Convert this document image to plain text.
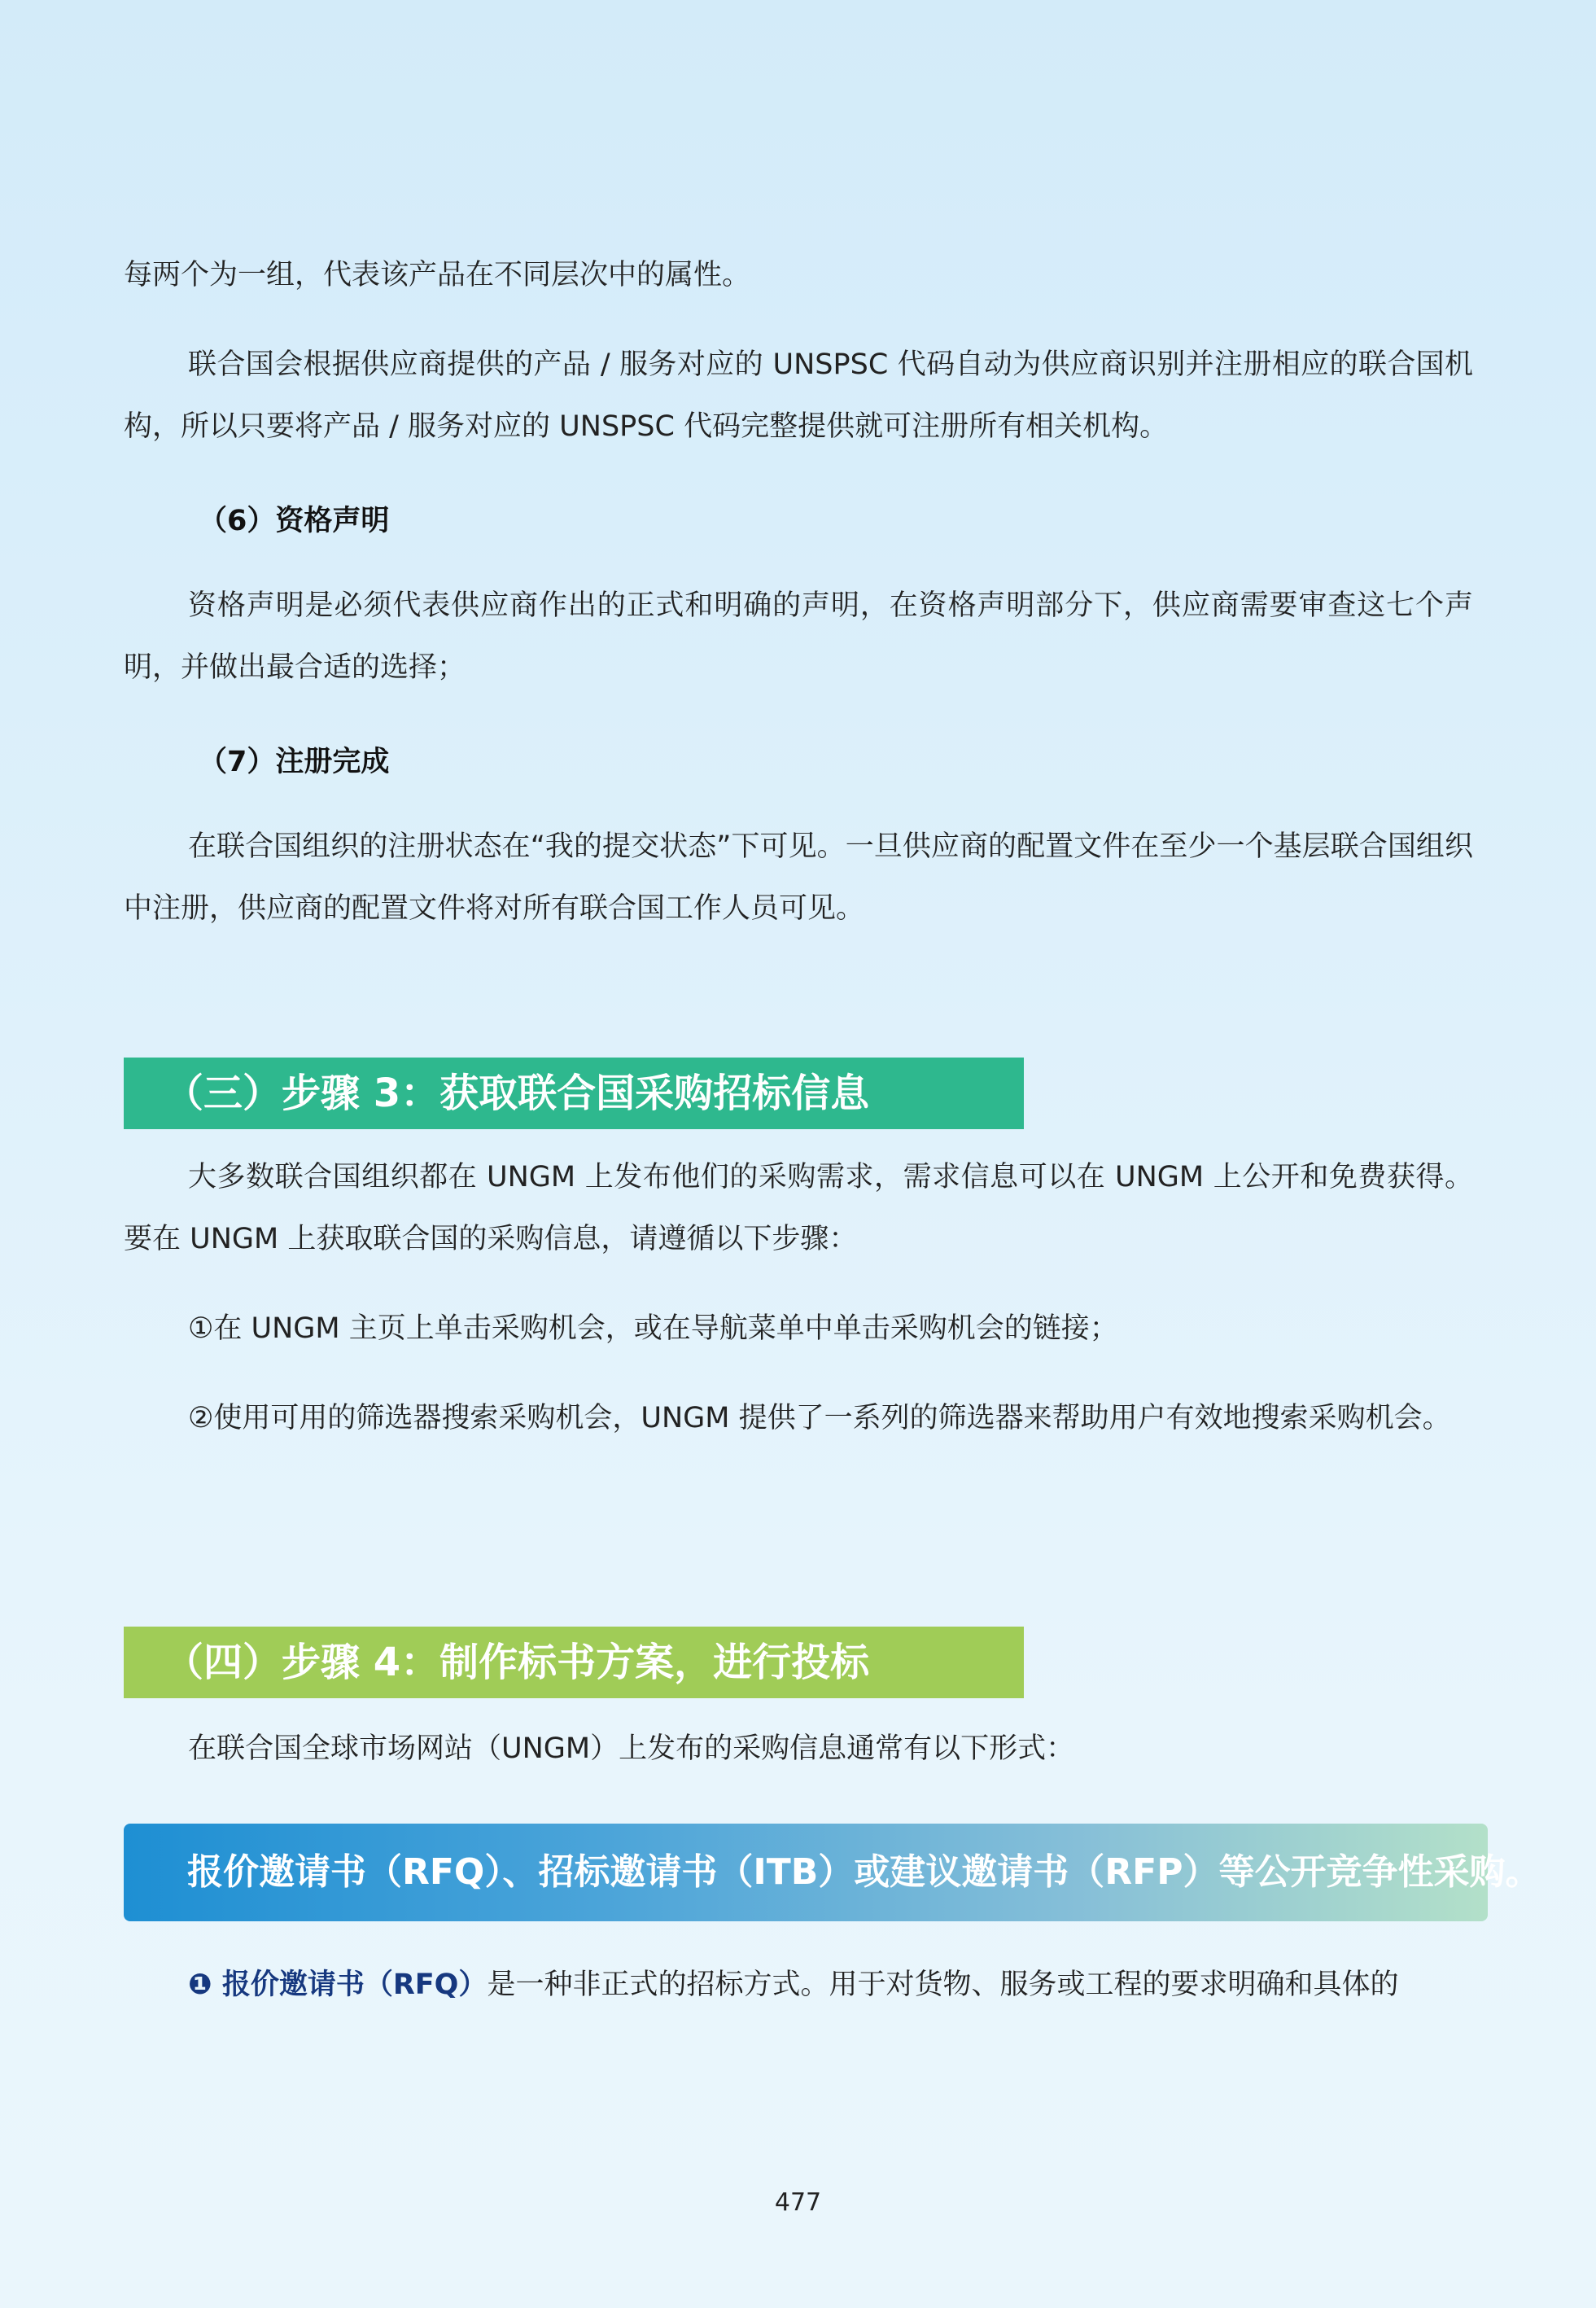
每两个为一组，代表该产品在不同层次中的属性。

联合国会根据供应商提供的产品 / 服务对应的 UNSPSC 代码自动为供应商识别并注册相应的联合国机构，所以只要将产品 / 服务对应的 UNSPSC 代码完整提供就可注册所有相关机构。

（6）资格声明

资格声明是必须代表供应商作出的正式和明确的声明，在资格声明部分下，供应商需要审查这七个声明，并做出最合适的选择；

（7）注册完成

在联合国组织的注册状态在“我的提交状态”下可见。一旦供应商的配置文件在至少一个基层联合国组织中注册，供应商的配置文件将对所有联合国工作人员可见。

（三）步骤 3：获取联合国采购招标信息

大多数联合国组织都在 UNGM 上发布他们的采购需求，需求信息可以在 UNGM 上公开和免费获得。要在 UNGM 上获取联合国的采购信息，请遵循以下步骤：

①在 UNGM 主页上单击采购机会，或在导航菜单中单击采购机会的链接；

②使用可用的筛选器搜索采购机会，UNGM 提供了一系列的筛选器来帮助用户有效地搜索采购机会。

（四）步骤 4：制作标书方案，进行投标

在联合国全球市场网站（UNGM）上发布的采购信息通常有以下形式：

报价邀请书（RFQ）、招标邀请书（ITB）或建议邀请书（RFP）等公开竞争性采购。

❶ 报价邀请书（RFQ）是一种非正式的招标方式。用于对货物、服务或工程的要求明确和具体的

477
